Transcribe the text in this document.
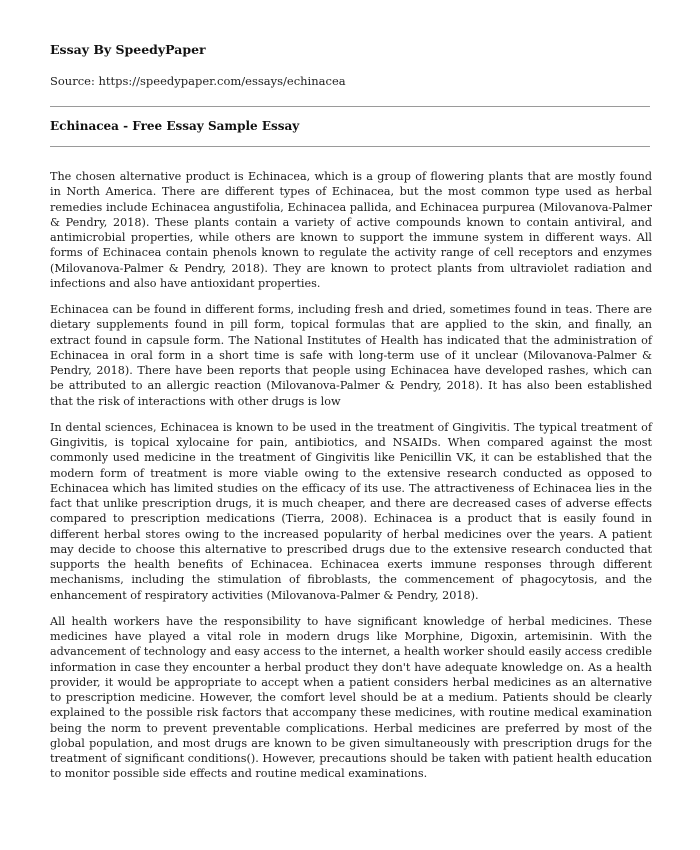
Essay By SpeedyPaper
Source: https://speedypaper.com/essays/echinacea
Echinacea - Free Essay Sample Essay

The chosen alternative product is Echinacea, which is a group of flowering plants that are mostly found in North America. There are different types of Echinacea, but the most common type used as herbal remedies include Echinacea angustifolia, Echinacea pallida, and Echinacea purpurea (Milovanova-Palmer & Pendry, 2018). These plants contain a variety of active compounds known to contain antiviral, and antimicrobial properties, while others are known to support the immune system in different ways. All forms of Echinacea contain phenols known to regulate the activity range of cell receptors and enzymes (Milovanova-Palmer & Pendry, 2018). They are known to protect plants from ultraviolet radiation and infections and also have antioxidant properties.

Echinacea can be found in different forms, including fresh and dried, sometimes found in teas. There are dietary supplements found in pill form, topical formulas that are applied to the skin, and finally, an extract found in capsule form. The National Institutes of Health has indicated that the administration of Echinacea in oral form in a short time is safe with long-term use of it unclear (Milovanova-Palmer & Pendry, 2018). There have been reports that people using Echinacea have developed rashes, which can be attributed to an allergic reaction (Milovanova-Palmer & Pendry, 2018). It has also been established that the risk of interactions with other drugs is low

In dental sciences, Echinacea is known to be used in the treatment of Gingivitis. The typical treatment of Gingivitis, is topical xylocaine for pain, antibiotics, and NSAIDs. When compared against the most commonly used medicine in the treatment of Gingivitis like Penicillin VK, it can be established that the modern form of treatment is more viable owing to the extensive research conducted as opposed to Echinacea which has limited studies on the efficacy of its use. The attractiveness of Echinacea lies in the fact that unlike prescription drugs, it is much cheaper, and there are decreased cases of adverse effects compared to prescription medications (Tierra, 2008). Echinacea is a product that is easily found in different herbal stores owing to the increased popularity of herbal medicines over the years. A patient may decide to choose this alternative to prescribed drugs due to the extensive research conducted that supports the health benefits of Echinacea. Echinacea exerts immune responses through different mechanisms, including the stimulation of fibroblasts, the commencement of phagocytosis, and the enhancement of respiratory activities (Milovanova-Palmer & Pendry, 2018).

All health workers have the responsibility to have significant knowledge of herbal medicines. These medicines have played a vital role in modern drugs like Morphine, Digoxin, artemisinin. With the advancement of technology and easy access to the internet, a health worker should easily access credible information in case they encounter a herbal product they don't have adequate knowledge on. As a health provider, it would be appropriate to accept when a patient considers herbal medicines as an alternative to prescription medicine. However, the comfort level should be at a medium. Patients should be clearly explained to the possible risk factors that accompany these medicines, with routine medical examination being the norm to prevent preventable complications. Herbal medicines are preferred by most of the global population, and most drugs are known to be given simultaneously with prescription drugs for the treatment of significant conditions(). However, precautions should be taken with patient health education to monitor possible side effects and routine medical examinations.
